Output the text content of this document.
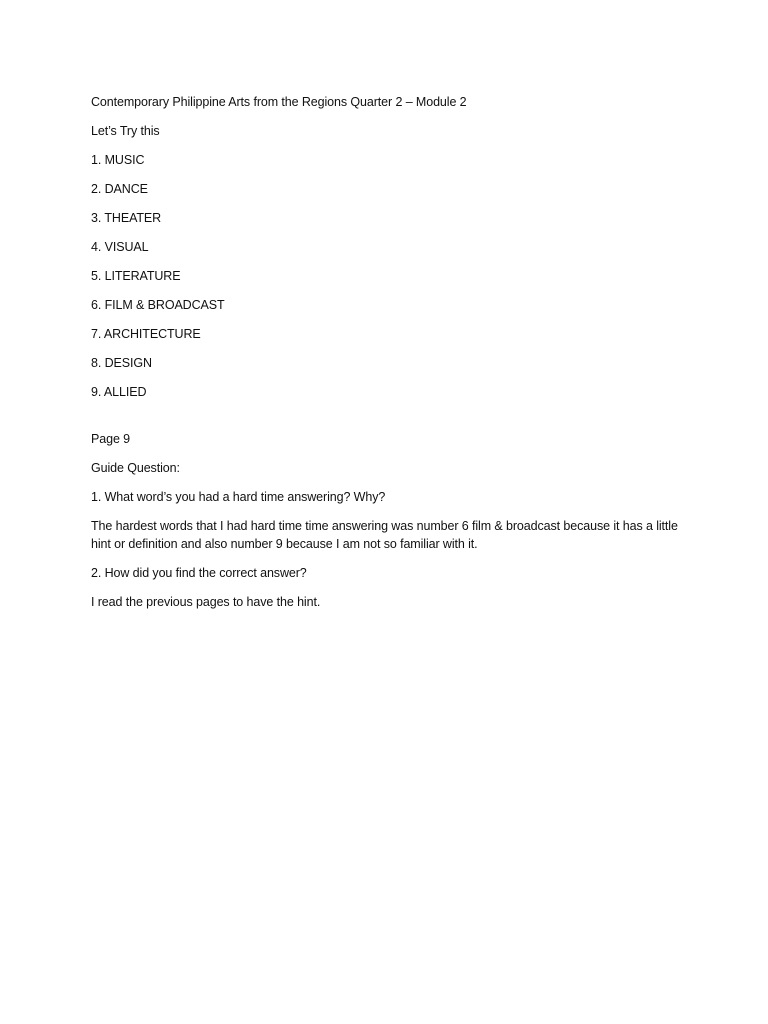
Contemporary Philippine Arts from the Regions Quarter 2 – Module 2
Let’s Try this
1. MUSIC
2. DANCE
3. THEATER
4. VISUAL
5. LITERATURE
6. FILM & BROADCAST
7. ARCHITECTURE
8. DESIGN
9. ALLIED
Page 9
Guide Question:
1. What word’s you had a hard time answering? Why?
The hardest words that I had hard time time answering was number 6 film & broadcast because it has a little hint or definition and also number 9 because I am not so familiar with it.
2. How did you find the correct answer?
I read the previous pages to have the hint.
